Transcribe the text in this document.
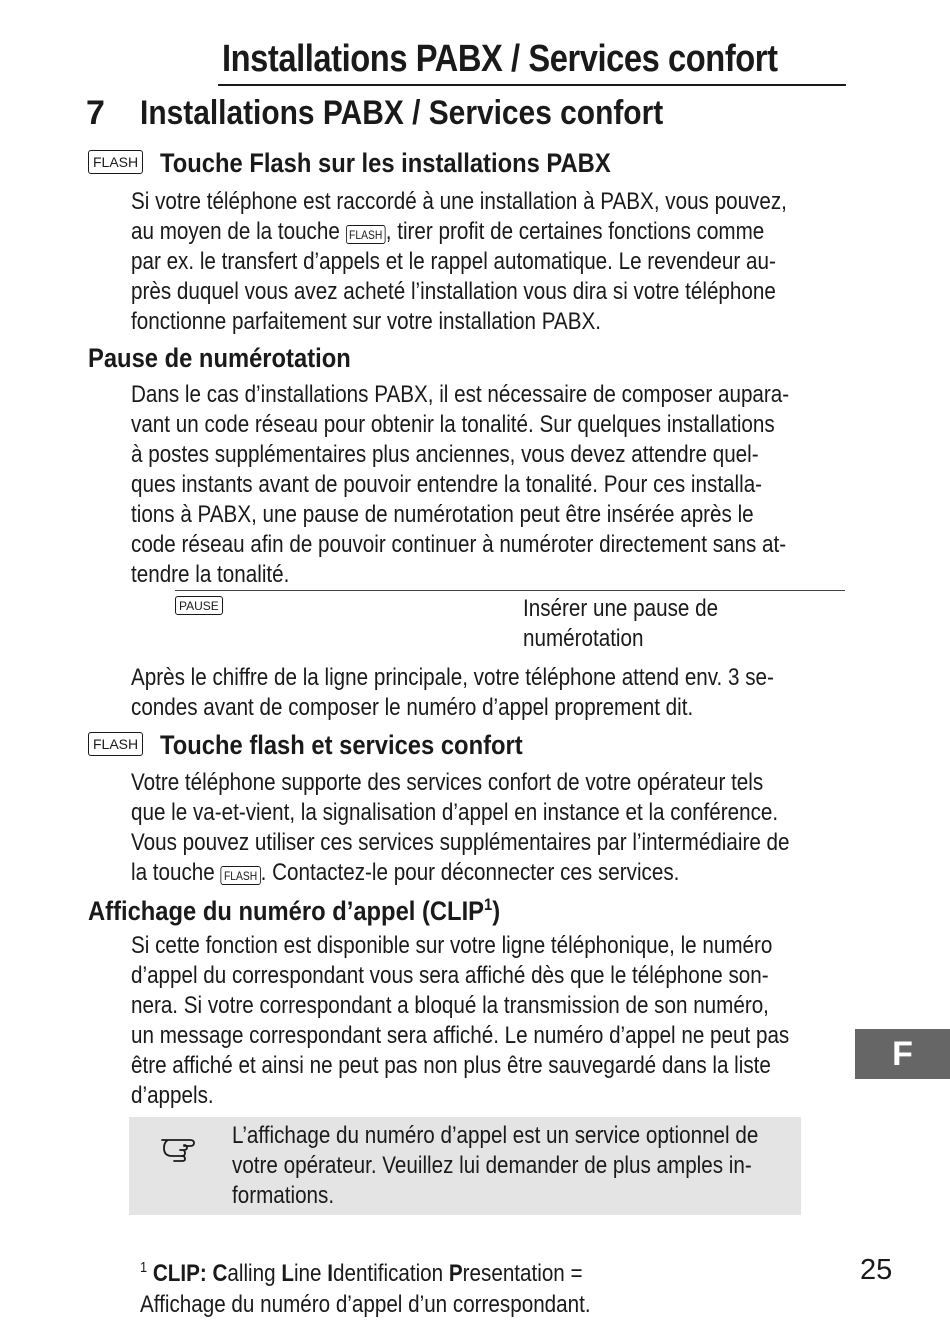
Installations PABX / Services confort
7 Installations PABX / Services confort
FLASH Touche Flash sur les installations PABX
Si votre téléphone est raccordé à une installation à PABX, vous pouvez,
au moyen de la touche FLASH , tirer profit de certaines fonctions comme
par ex. le transfert d’appels et le rappel automatique. Le revendeur au-
près duquel vous avez acheté l’installation vous dira si votre téléphone
fonctionne parfaitement sur votre installation PABX.
Pause de numérotation
Dans le cas d’installations PABX, il est nécessaire de composer aupara-
vant un code réseau pour obtenir la tonalité. Sur quelques installations
à postes supplémentaires plus anciennes, vous devez attendre quel-
ques instants avant de pouvoir entendre la tonalité. Pour ces installa-
tions à PABX, une pause de numérotation peut être insérée après le
code réseau afin de pouvoir continuer à numéroter directement sans at-
tendre la tonalité.
PAUSE	Insérer une pause de
numérotation
Après le chiffre de la ligne principale, votre téléphone attend env. 3 se-
condes avant de composer le numéro d’appel proprement dit.
FLASH Touche flash et services confort
Votre téléphone supporte des services confort de votre opérateur tels
que le va-et-vient, la signalisation d’appel en instance et la conférence.
Vous pouvez utiliser ces services supplémentaires par l’intermédiaire de
la touche FLASH . Contactez-le pour déconnecter ces services.
Affichage du numéro d’appel (CLIP$^1$)
Si cette fonction est disponible sur votre ligne téléphonique, le numéro
d’appel du correspondant vous sera affiché dès que le téléphone son-
nera. Si votre correspondant a bloqué la transmission de son numéro,
un message correspondant sera affiché. Le numéro d’appel ne peut pas
être affiché et ainsi ne peut pas non plus être sauvegardé dans la liste
d’appels.
L’affichage du numéro d’appel est un service optionnel de
votre opérateur. Veuillez lui demander de plus amples in-
formations.
$^1$ CLIP: Calling Line Identification Presentation =
Affichage du numéro d’appel d’un correspondant.
25
F
